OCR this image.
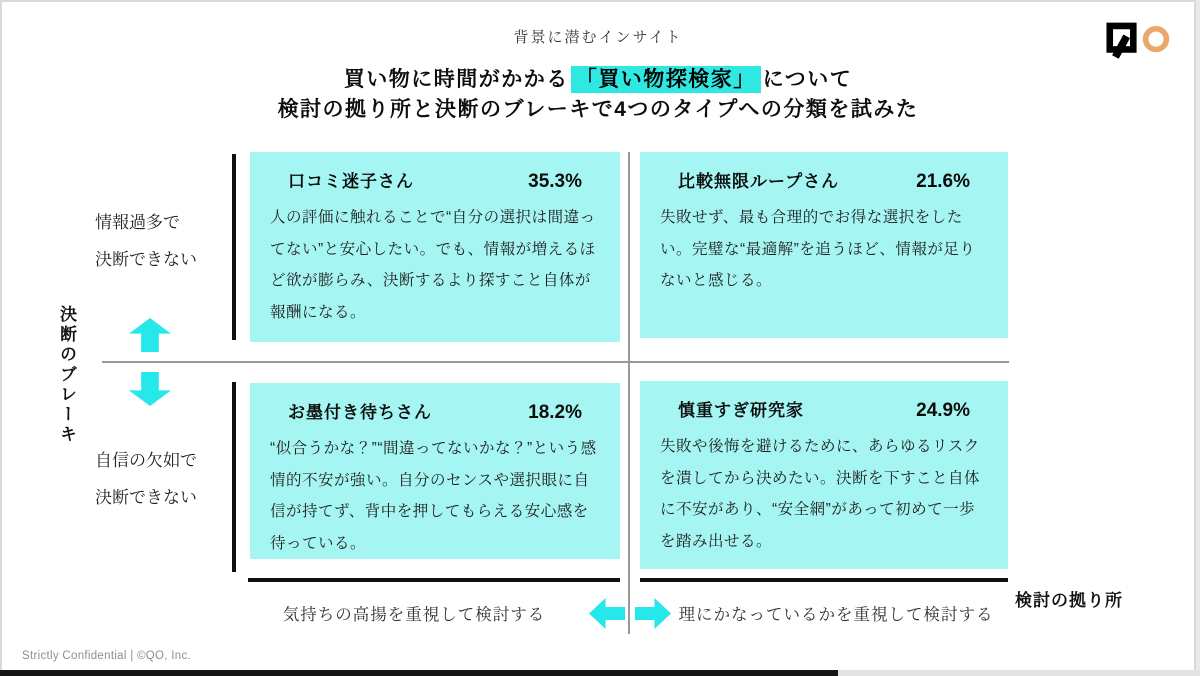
背景に潜むインサイト
買い物に時間がかかる 「買い物探検家」 について
検討の拠り所と決断のブレーキで4つのタイプへの分類を試みた
決断のブレーキ
情報過多で
決断できない
自信の欠如で
決断できない
口コミ迷子さん	35.3%
人の評価に触れることで“自分の選択は間違ってない”と安心したい。でも、情報が増えるほど欲が膨らみ、決断するより探すこと自体が報酬になる。
比較無限ループさん	21.6%
失敗せず、最も合理的でお得な選択をしたい。完璧な“最適解”を追うほど、情報が足りないと感じる。
お墨付き待ちさん	18.2%
“似合うかな？”“間違ってないかな？”という感情的不安が強い。自分のセンスや選択眼に自信が持てず、背中を押してもらえる安心感を待っている。
慎重すぎ研究家	24.9%
失敗や後悔を避けるために、あらゆるリスクを潰してから決めたい。決断を下すこと自体に不安があり、“安全網”があって初めて一歩を踏み出せる。
気持ちの高揚を重視して検討する	理にかなっているかを重視して検討する
検討の拠り所
Strictly Confidential | ©QO, Inc.
